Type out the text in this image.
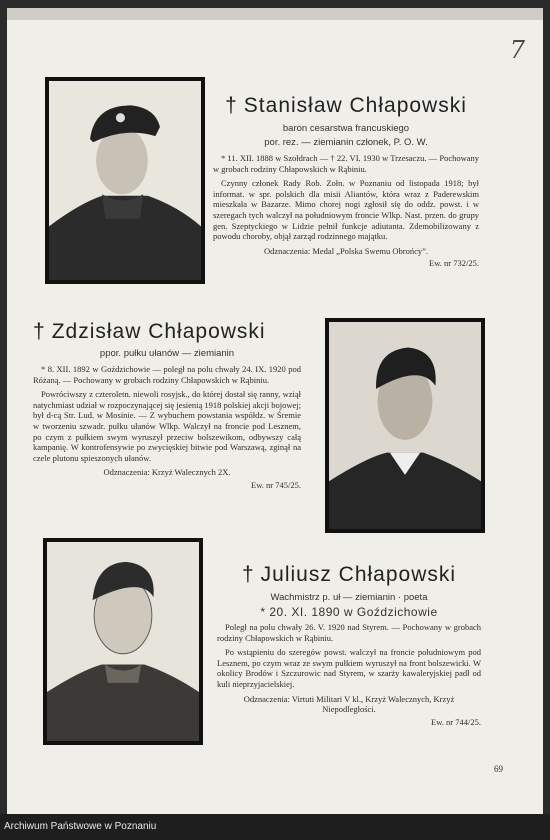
7
† Stanisław Chłapowski
baron cesarstwa francuskiego
por. rez. — ziemianin członek, P. O. W.

* 11. XII. 1888 w Szołdrach — † 22. VI. 1930 w Trzesaczu. — Pochowany w grobach rodziny Chłapowskich w Rąbiniu.

Czynny członek Rady Rob. Zołn. w Poznaniu od listopada 1918; był informat. w spr. polskich dla misii Aliantów, która wraz z Paderewskim mieszkała w Bazarze. Mimo chorej nogi zgłosił się do oddz. powst. i w szeregach tych walczył na południowym froncie Wlkp. Nast. przen. do grupy gen. Szeptyckiego w Lidzie pełnił funkcje adiutanta. Zdemobilizowany z powodu choroby, objął zarząd rodzinnego majątku.

Odznaczenia: Medal „Polska Swemu Obrońcy”.

Ew. nr 732/25.
† Zdzisław Chłapowski
ppor. pułku ułanów — ziemianin

* 8. XII. 1892 w Goździchowie — poległ na polu chwały 24. IX. 1920 pod Różaną. — Pochowany w grobach rodziny Chłapowskich w Rąbiniu.

Powróciwszy z czteroletn. niewoli rosyjsk., do której dostał się ranny, wziął natychmiast udział w rozpoczynającej się jesienią 1918 polskiej akcji bojowej; był d-cą Str. Lud. w Mosinie. — Z wybuchem powstania współdz. w Śremie w tworzeniu szwadr. pułku ułanów Wlkp. Walczył na froncie pod Lesznem, po czym z pułkiem swym wyruszył przeciw bolszewikom, odbywszy całą kampanię. W kontrofensywie po zwycięskiej bitwie pod Warszawą, zginął na czele plutonu spieszonych ułanów.

Odznaczenia: Krzyż Walecznych 2X.

Ew. nr 745/25.
† Juliusz Chłapowski
Wachmistrz p. uł — ziemianin · poeta
* 20. XI. 1890 w Goździchowie

Poległ na polu chwały 26. V. 1920 nad Styrem. — Pochowany w grobach rodziny Chłapowskich w Rąbiniu.

Po wstąpieniu do szeregów powst. walczył na froncie południowym pod Lesznem, po czym wraz ze swym pułkiem wyruszył na front bolszewicki. W okolicy Brodów i Szczurowic nad Styrem, w szarży kawaleryjskiej padł od kuli nieprzyjacielskiej.

Odznaczenia: Virtuti Militari V kl., Krzyż Walecznych, Krzyż Niepodległości.

Ew. nr 744/25.
69
Archiwum Państwowe w Poznaniu
